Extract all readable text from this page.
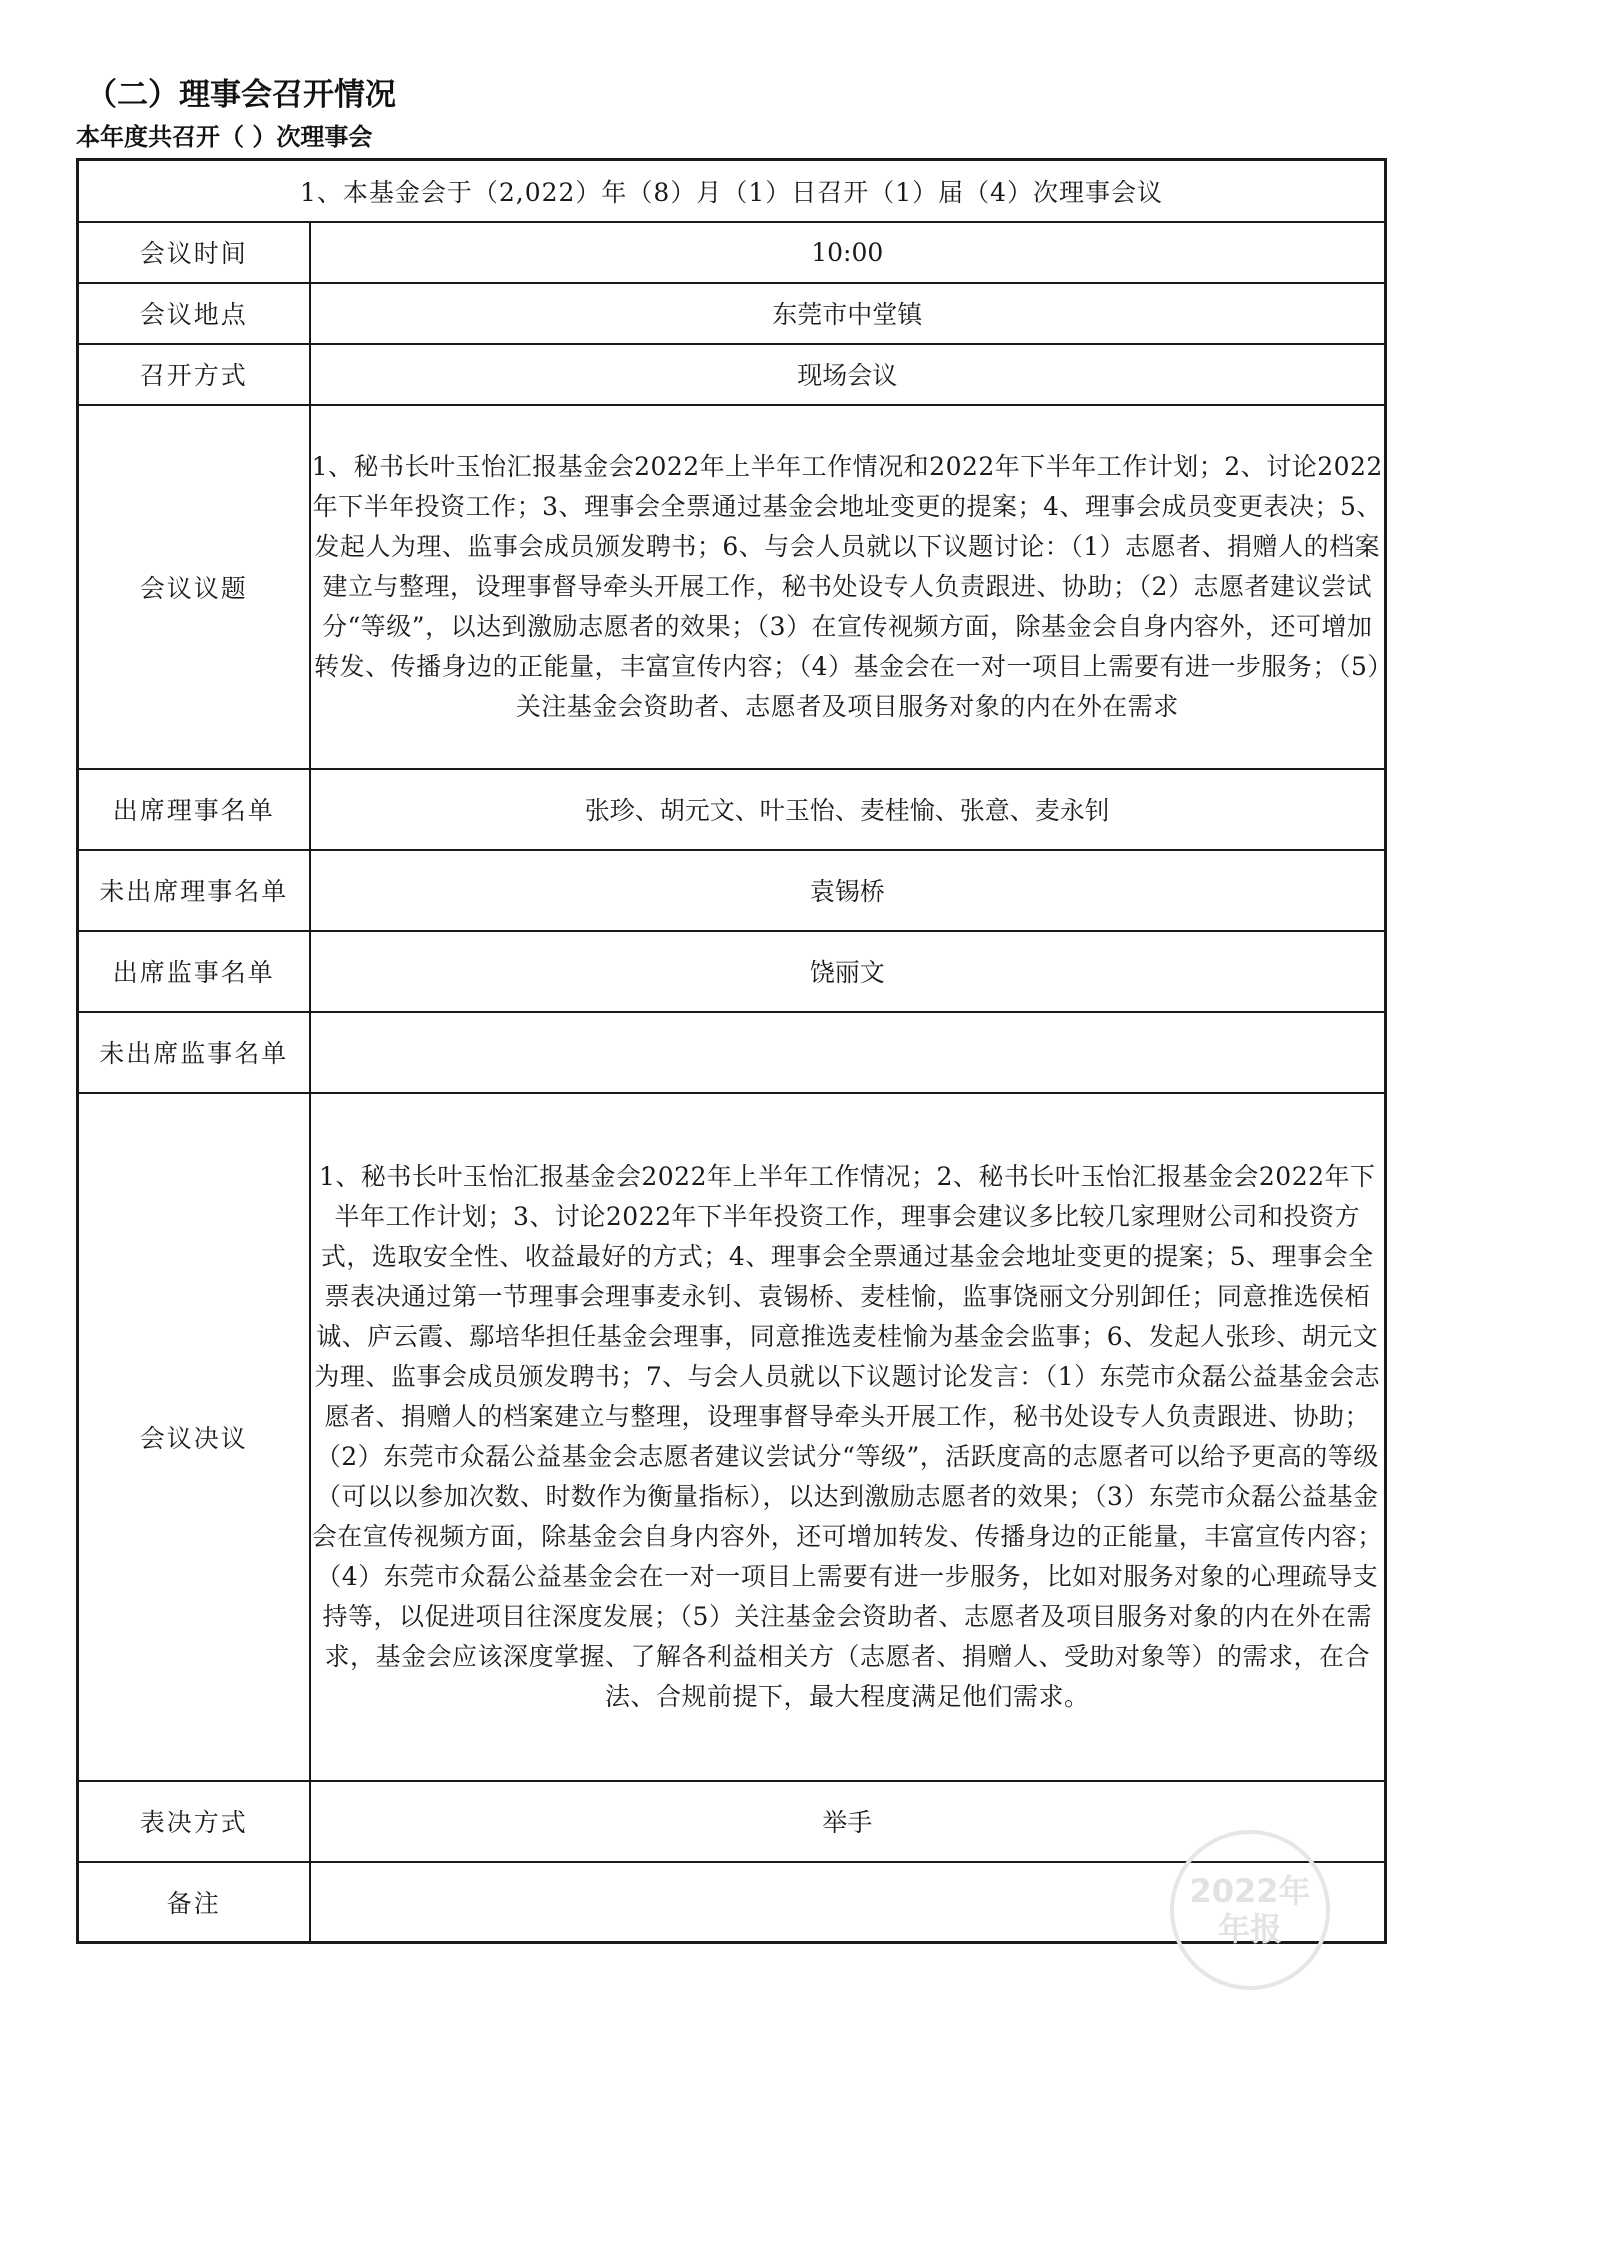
（二）理事会召开情况
本年度共召开（ ）次理事会
1、本基金会于（2,022）年（8）月（1）日召开（1）届（4）次理事会议	
会议时间	10:00
会议地点	东莞市中堂镇
召开方式	现场会议
会议议题	1、秘书长叶玉怡汇报基金会2022年上半年工作情况和2022年下半年工作计划；2、讨论2022年下半年投资工作；3、理事会全票通过基金会地址变更的提案；4、理事会成员变更表决；5、发起人为理、监事会成员颁发聘书；6、与会人员就以下议题讨论：（1）志愿者、捐赠人的档案建立与整理，设理事督导牵头开展工作，秘书处设专人负责跟进、协助；（2）志愿者建议尝试分“等级”，以达到激励志愿者的效果；（3）在宣传视频方面，除基金会自身内容外，还可增加转发、传播身边的正能量，丰富宣传内容；（4）基金会在一对一项目上需要有进一步服务；（5）关注基金会资助者、志愿者及项目服务对象的内在外在需求
出席理事名单	张珍、胡元文、叶玉怡、麦桂愉、张意、麦永钊
未出席理事名单	袁锡桥
出席监事名单	饶丽文
未出席监事名单	
会议决议	1、秘书长叶玉怡汇报基金会2022年上半年工作情况；2、秘书长叶玉怡汇报基金会2022年下半年工作计划；3、讨论2022年下半年投资工作，理事会建议多比较几家理财公司和投资方式，选取安全性、收益最好的方式；4、理事会全票通过基金会地址变更的提案；5、理事会全票表决通过第一节理事会理事麦永钊、袁锡桥、麦桂愉，监事饶丽文分别卸任；同意推选侯栢诚、庐云霞、鄢培华担任基金会理事，同意推选麦桂愉为基金会监事；6、发起人张珍、胡元文为理、监事会成员颁发聘书；7、与会人员就以下议题讨论发言：（1）东莞市众磊公益基金会志愿者、捐赠人的档案建立与整理，设理事督导牵头开展工作，秘书处设专人负责跟进、协助；（2）东莞市众磊公益基金会志愿者建议尝试分“等级”，活跃度高的志愿者可以给予更高的等级（可以以参加次数、时数作为衡量指标），以达到激励志愿者的效果；（3）东莞市众磊公益基金会在宣传视频方面，除基金会自身内容外，还可增加转发、传播身边的正能量，丰富宣传内容；（4）东莞市众磊公益基金会在一对一项目上需要有进一步服务，比如对服务对象的心理疏导支持等，以促进项目往深度发展；（5）关注基金会资助者、志愿者及项目服务对象的内在外在需求，基金会应该深度掌握、了解各利益相关方（志愿者、捐赠人、受助对象等）的需求，在合法、合规前提下，最大程度满足他们需求。
表决方式	举手
备注		2022年
年报
